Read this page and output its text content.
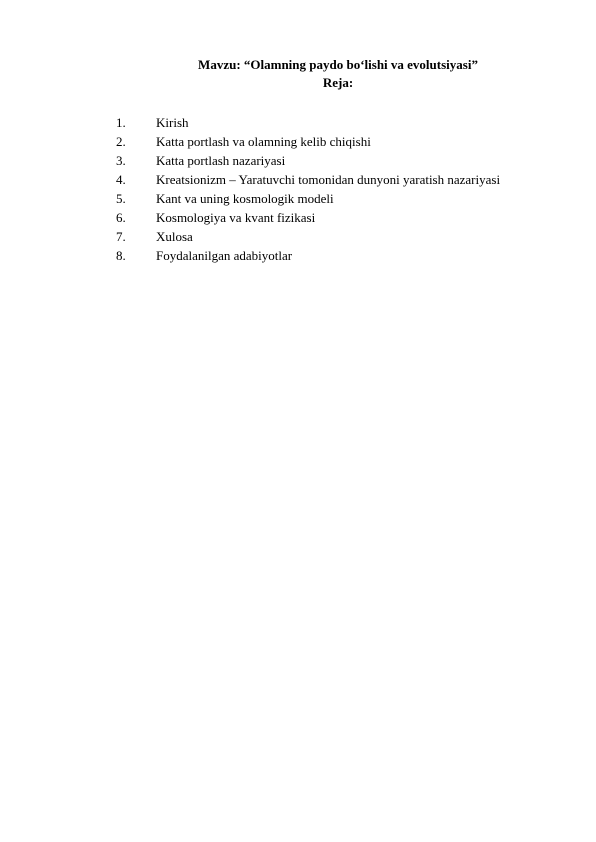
Mavzu: “Olamning paydo bo‘lishi va evolutsiyasi”
Reja:
1. Kirish
2. Katta portlash va olamning kelib chiqishi
3. Katta portlash nazariyasi
4. Kreatsionizm – Yaratuvchi tomonidan dunyoni yaratish nazariyasi
5. Kant va uning kosmologik modeli
6. Kosmologiya va kvant fizikasi
7. Xulosa
8. Foydalanilgan adabiyotlar
